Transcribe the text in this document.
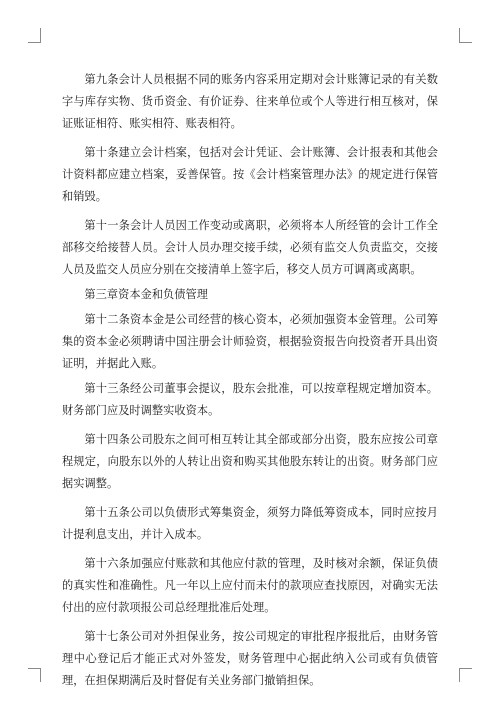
第九条会计人员根据不同的账务内容采用定期对会计账簿记录的有关数字与库存实物、货币资金、有价证券、往来单位或个人等进行相互核对，保证账证相符、账实相符、账表相符。

第十条建立会计档案，包括对会计凭证、会计账簿、会计报表和其他会计资料都应建立档案，妥善保管。按《会计档案管理办法》的规定进行保管和销毁。

第十一条会计人员因工作变动或离职，必须将本人所经管的会计工作全部移交给接替人员。会计人员办理交接手续，必须有监交人负责监交，交接人员及监交人员应分别在交接清单上签字后，移交人员方可调离或离职。

第三章资本金和负债管理

第十二条资本金是公司经营的核心资本，必须加强资本金管理。公司筹集的资本金必须聘请中国注册会计师验资，根据验资报告向投资者开具出资证明，并据此入账。

第十三条经公司董事会提议，股东会批准，可以按章程规定增加资本。财务部门应及时调整实收资本。

第十四条公司股东之间可相互转让其全部或部分出资，股东应按公司章程规定，向股东以外的人转让出资和购买其他股东转让的出资。财务部门应据实调整。

第十五条公司以负债形式筹集资金，须努力降低筹资成本，同时应按月计提利息支出，并计入成本。

第十六条加强应付账款和其他应付款的管理，及时核对余额，保证负债的真实性和准确性。凡一年以上应付而未付的款项应查找原因，对确实无法付出的应付款项报公司总经理批准后处理。

第十七条公司对外担保业务，按公司规定的审批程序报批后，由财务管理中心登记后才能正式对外签发，财务管理中心据此纳入公司或有负债管理，在担保期满后及时督促有关业务部门撤销担保。
